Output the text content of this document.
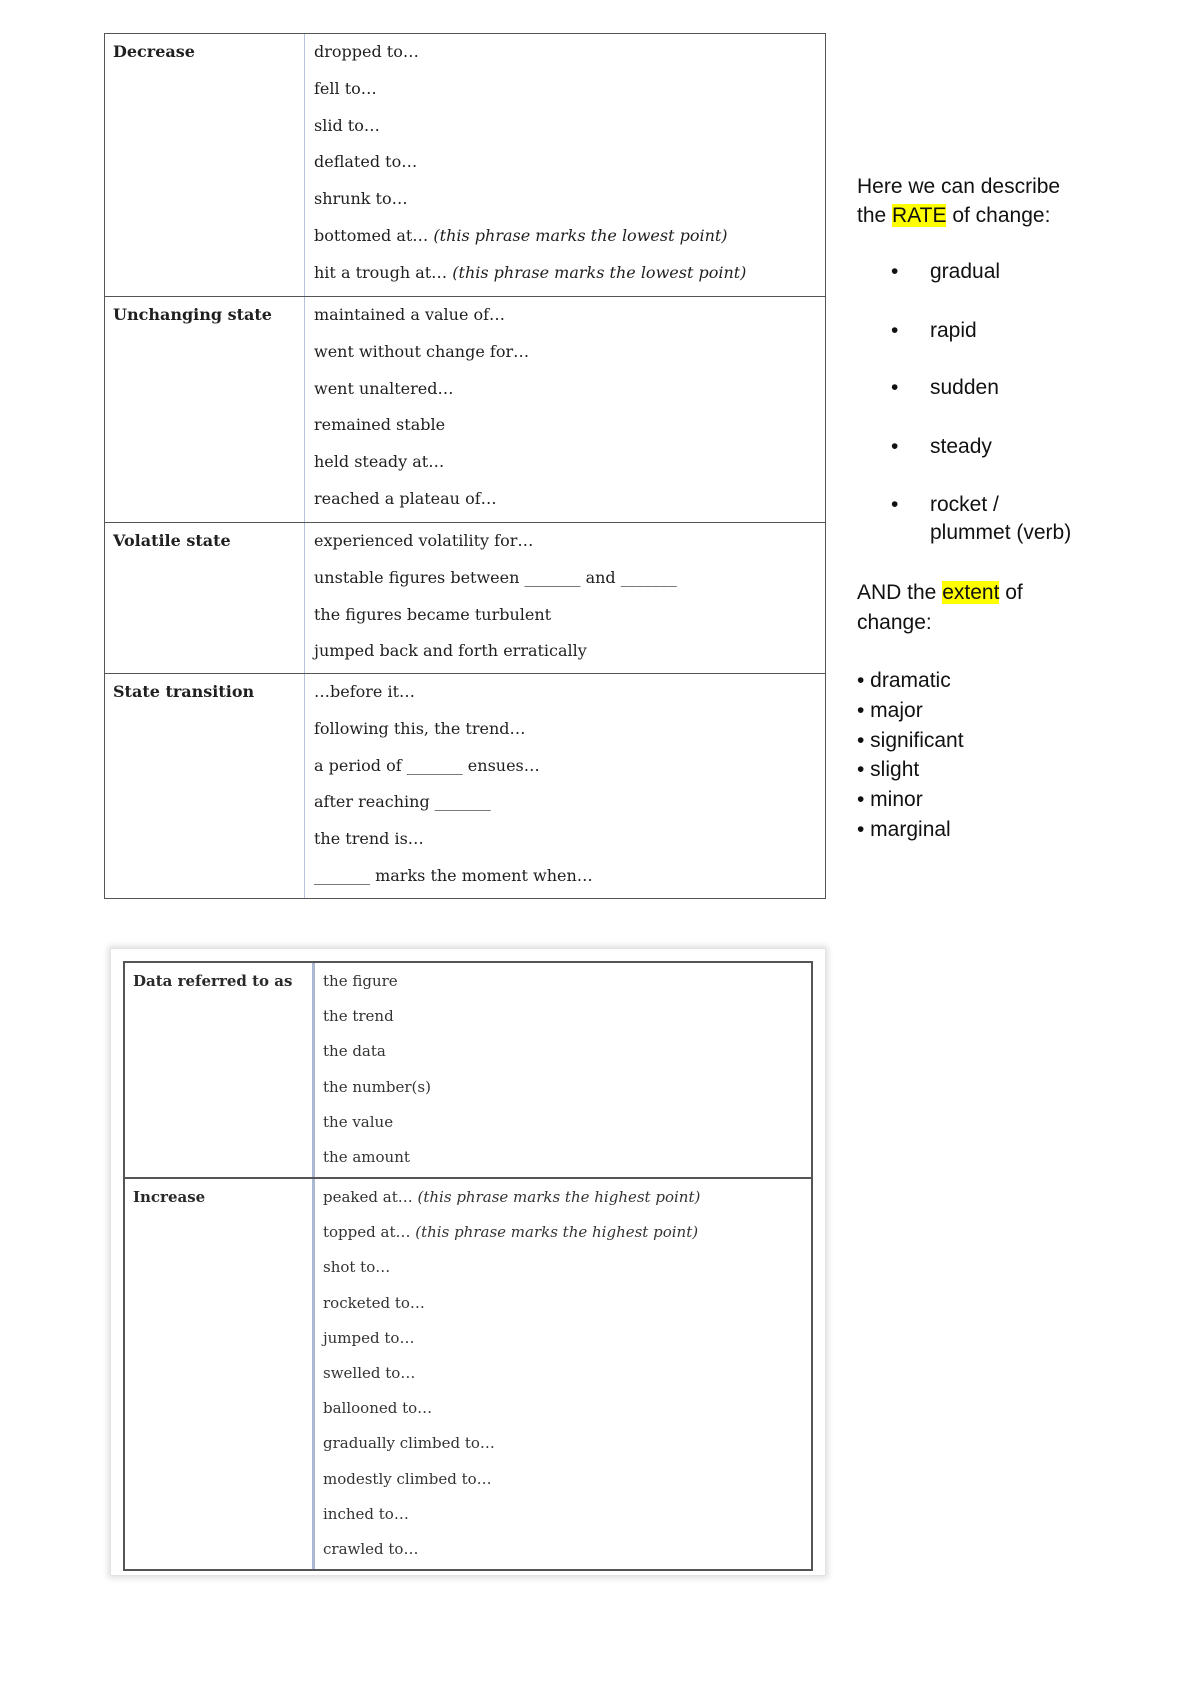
Decrease	dropped to…
fell to…
slid to…
deflated to…
shrunk to…
bottomed at… (this phrase marks the lowest point)
hit a trough at… (this phrase marks the lowest point)
Unchanging state	maintained a value of…
went without change for…
went unaltered…
remained stable
held steady at…
reached a plateau of…
Volatile state	experienced volatility for…
unstable figures between _______ and _______
the figures became turbulent
jumped back and forth erratically
State transition	…before it…
following this, the trend…
a period of _______ ensues…
after reaching _______
the trend is…
_______ marks the moment when…
Data referred to as	the figure
the trend
the data
the number(s)
the value
the amount
Increase	peaked at… (this phrase marks the highest point)
topped at… (this phrase marks the highest point)
shot to…
rocketed to…
jumped to…
swelled to…
ballooned to…
gradually climbed to…
modestly climbed to…
inched to…
crawled to…
Here we can describe
the RATE of change:
• gradual
• rapid
• sudden
• steady
• rocket /
plummet (verb)
AND the extent of
change:
• dramatic
• major
• significant
• slight
• minor
• marginal
